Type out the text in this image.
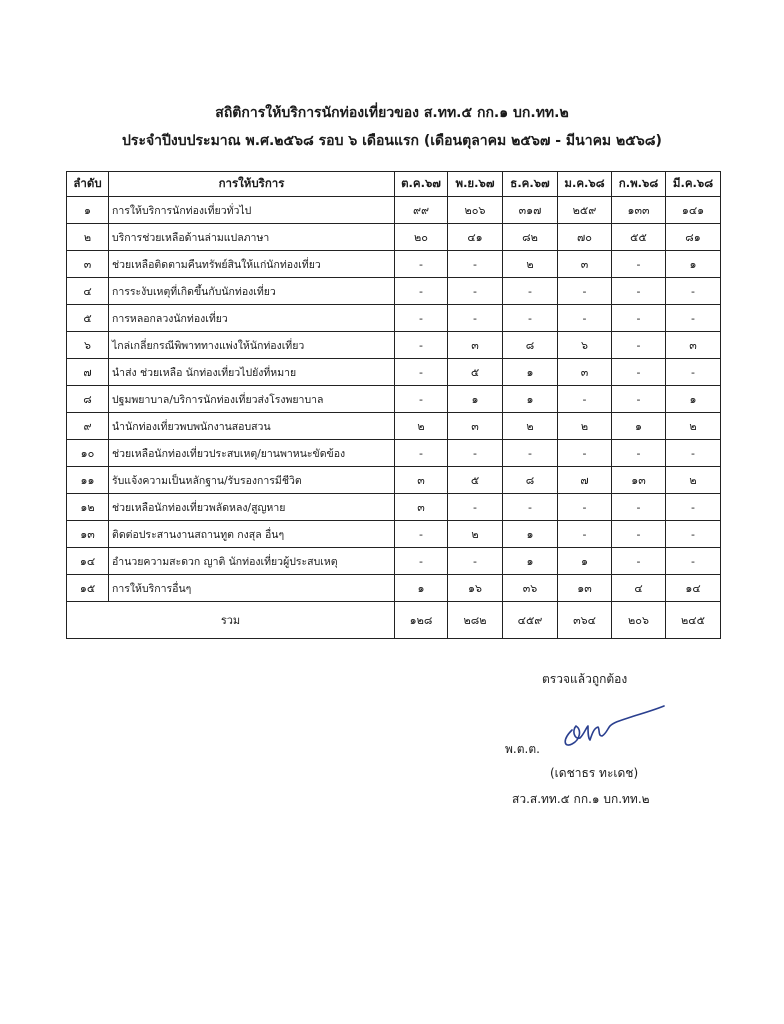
สถิติการให้บริการนักท่องเที่ยวของ ส.ทท.๕ กก.๑ บก.ทท.๒
ประจำปีงบประมาณ พ.ศ.๒๕๖๘ รอบ ๖ เดือนแรก (เดือนตุลาคม ๒๕๖๗ - มีนาคม ๒๕๖๘)
ลำดับ	การให้บริการ	ต.ค.๖๗	พ.ย.๖๗	ธ.ค.๖๗	ม.ค.๖๘	ก.พ.๖๘	มี.ค.๖๘
๑	การให้บริการนักท่องเที่ยวทั่วไป	๙๙	๒๐๖	๓๑๗	๒๕๙	๑๓๓	๑๔๑
๒	บริการช่วยเหลือด้านล่ามแปลภาษา	๒๐	๔๑	๘๒	๗๐	๕๕	๘๑
๓	ช่วยเหลือติดตามคืนทรัพย์สินให้แก่นักท่องเที่ยว	-	-	๒	๓	-	๑
๔	การระงับเหตุที่เกิดขึ้นกับนักท่องเที่ยว	-	-	-	-	-	-
๕	การหลอกลวงนักท่องเที่ยว	-	-	-	-	-	-
๖	ไกล่เกลี่ยกรณีพิพาททางแพ่งให้นักท่องเที่ยว	-	๓	๘	๖	-	๓
๗	นำส่ง ช่วยเหลือ นักท่องเที่ยวไปยังที่หมาย	-	๕	๑	๓	-	-
๘	ปฐมพยาบาล/บริการนักท่องเที่ยวส่งโรงพยาบาล	-	๑	๑	-	-	๑
๙	นำนักท่องเที่ยวพบพนักงานสอบสวน	๒	๓	๒	๒	๑	๒
๑๐	ช่วยเหลือนักท่องเที่ยวประสบเหตุ/ยานพาหนะขัดข้อง	-	-	-	-	-	-
๑๑	รับแจ้งความเป็นหลักฐาน/รับรองการมีชีวิต	๓	๕	๘	๗	๑๓	๒
๑๒	ช่วยเหลือนักท่องเที่ยวพลัดหลง/สูญหาย	๓	-	-	-	-	-
๑๓	ติดต่อประสานงานสถานทูต กงสุล อื่นๆ	-	๒	๑	-	-	-
๑๔	อำนวยความสะดวก ญาติ นักท่องเที่ยวผู้ประสบเหตุ	-	-	๑	๑	-	-
๑๕	การให้บริการอื่นๆ	๑	๑๖	๓๖	๑๓	๔	๑๔
รวม		๑๒๘	๒๘๒	๔๕๙	๓๖๔	๒๐๖	๒๔๕
ตรวจแล้วถูกต้อง
พ.ต.ต.
(เดชาธร ทะเดช)
สว.ส.ทท.๕ กก.๑ บก.ทท.๒
